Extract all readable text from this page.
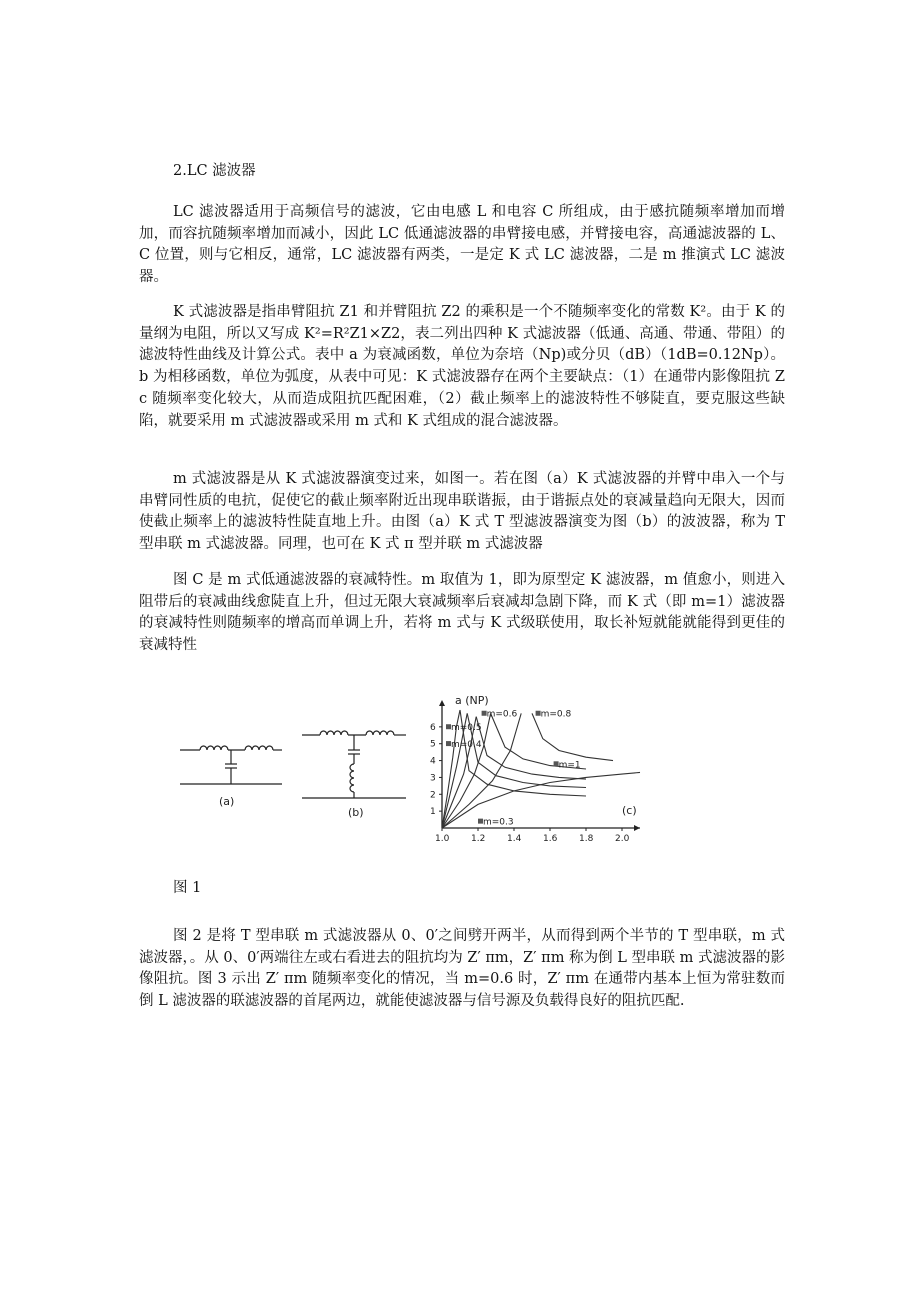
2.LC 滤波器

LC 滤波器适用于高频信号的滤波，它由电感 L 和电容 C 所组成，由于感抗随频率增加而增加，而容抗随频率增加而减小，因此 LC 低通滤波器的串臂接电感，并臂接电容，高通滤波器的 L、C 位置，则与它相反，通常，LC 滤波器有两类，一是定 K 式 LC 滤波器，二是 m 推演式 LC 滤波器。

K 式滤波器是指串臂阻抗 Z1 和并臂阻抗 Z2 的乘积是一个不随频率变化的常数 K²。由于 K 的量纲为电阻，所以又写成 K²=R²Z1×Z2，表二列出四种 K 式滤波器（低通、高通、带通、带阻）的滤波特性曲线及计算公式。表中 a 为衰减函数，单位为奈培（Np)或分贝（dB）（1dB=0.12Np）。b 为相移函数，单位为弧度，从表中可见：K 式滤波器存在两个主要缺点：（1）在通带内影像阻抗 Zc 随频率变化较大，从而造成阻抗匹配困难，（2）截止频率上的滤波特性不够陡直，要克服这些缺陷，就要采用 m 式滤波器或采用 m 式和 K 式组成的混合滤波器。

m 式滤波器是从 K 式滤波器演变过来，如图一。若在图（a）K 式滤波器的并臂中串入一个与串臂同性质的电抗，促使它的截止频率附近出现串联谐振，由于谐振点处的衰减量趋向无限大，因而使截止频率上的滤波特性陡直地上升。由图（a）K 式 T 型滤波器演变为图（b）的波波器，称为 T 型串联 m 式滤波器。同理，也可在 K 式 π 型并联 m 式滤波器

图 C 是 m 式低通滤波器的衰减特性。m 取值为 1，即为原型定 K 滤波器，m 值愈小，则进入阻带后的衰减曲线愈陡直上升，但过无限大衰减频率后衰减却急剧下降，而 K 式（即 m=1）滤波器的衰减特性则随频率的增高而单调上升，若将 m 式与 K 式级联使用，取长补短就能就能得到更佳的衰减特性

(a)
(b)
1.0 1.2 1.4 1.6 1.8 2.0
1
2
3
4
5
6
m=0.3
m=0.4
m=0.5
m=0.6	m=0.8
m=1
a (NP)
(c)

图 1

图 2 是将 T 型串联 m 式滤波器从 0、0′之间劈开两半，从而得到两个半节的 T 型串联，m 式滤波器，。从 0、0′两端往左或右看进去的阻抗均为 Z′ πm，Z′ πm 称为倒 L 型串联 m 式滤波器的影像阻抗。图 3 示出 Z′ πm 随频率变化的情况，当 m=0.6 时，Z′ πm 在通带内基本上恒为常驻数而倒 L 滤波器的联滤波器的首尾两边，就能使滤波器与信号源及负载得良好的阻抗匹配.
